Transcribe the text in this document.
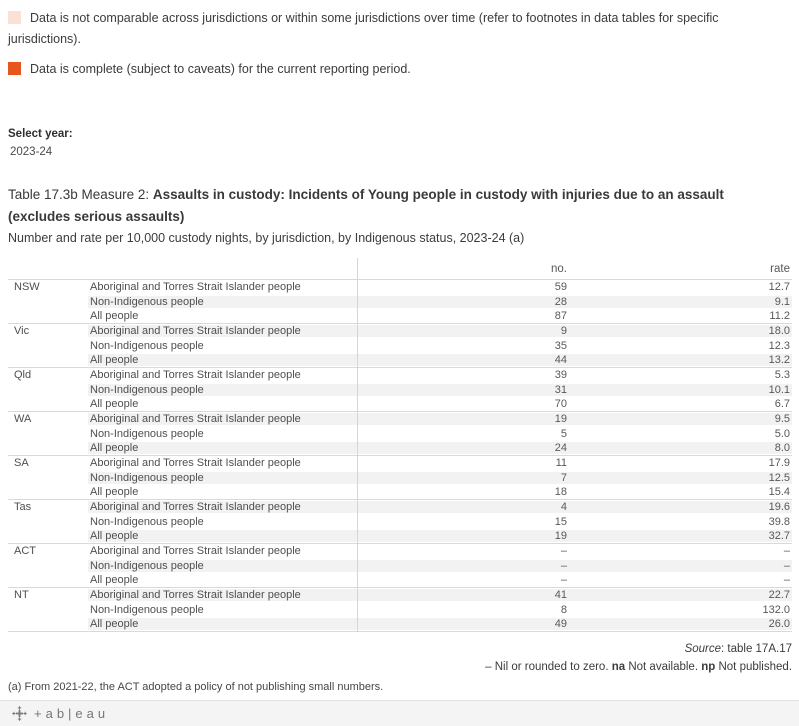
Data is not comparable across jurisdictions or within some jurisdictions over time (refer to footnotes in data tables for specific jurisdictions).
Data is complete (subject to caveats) for the current reporting period.
Select year:
2023-24
Table 17.3b Measure 2: Assaults in custody: Incidents of Young people in custody with injuries due to an assault (excludes serious assaults)
Number and rate per 10,000 custody nights, by jurisdiction, by Indigenous status, 2023-24 (a)
no.	rate
NSW	Aboriginal and Torres Strait Islander people	59	12.7
Non-Indigenous people	28	9.1
All people	87	11.2
Vic	Aboriginal and Torres Strait Islander people	9	18.0
Non-Indigenous people	35	12.3
All people	44	13.2
Qld	Aboriginal and Torres Strait Islander people	39	5.3
Non-Indigenous people	31	10.1
All people	70	6.7
WA	Aboriginal and Torres Strait Islander people	19	9.5
Non-Indigenous people	5	5.0
All people	24	8.0
SA	Aboriginal and Torres Strait Islander people	11	17.9
Non-Indigenous people	7	12.5
All people	18	15.4
Tas	Aboriginal and Torres Strait Islander people	4	19.6
Non-Indigenous people	15	39.8
All people	19	32.7
ACT	Aboriginal and Torres Strait Islander people	–	–
Non-Indigenous people	–	–
All people	–	–
NT	Aboriginal and Torres Strait Islander people	41	22.7
Non-Indigenous people	8	132.0
All people	49	26.0
Source: table 17A.17
– Nil or rounded to zero. na Not available. np Not published.
(a) From 2021-22, the ACT adopted a policy of not publishing small numbers.
+ab|eau
